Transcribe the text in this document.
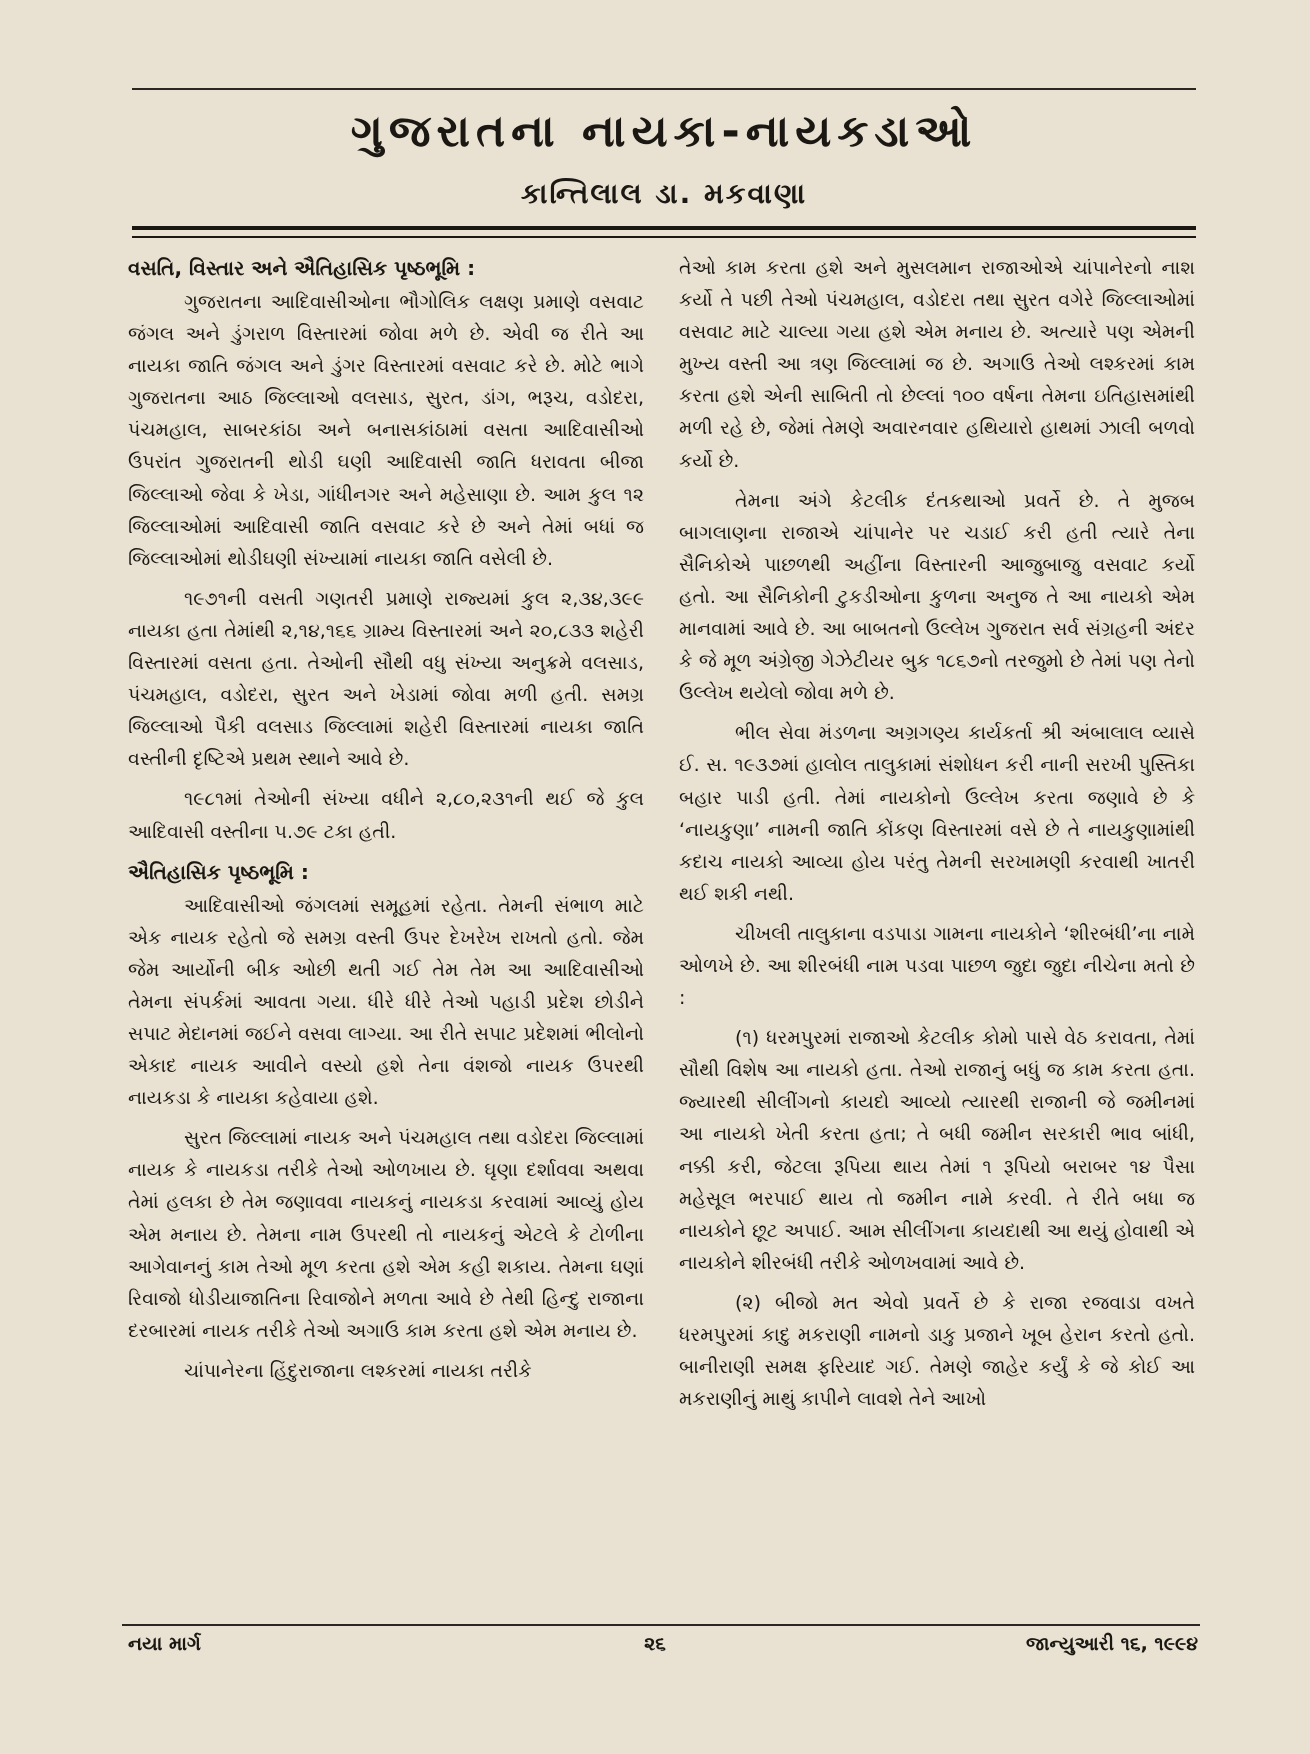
ગુજરાતના નાયકા-નાયકડાઓ
કાન્તિલાલ ડા. મકવાણા
વસતિ, વિસ્તાર અને ઐતિહાસિક પૃષ્ઠભૂમિ :

ગુજરાતના આદિવાસીઓના ભૌગોલિક લક્ષણ પ્રમાણે વસવાટ જંગલ અને ડુંગરાળ વિસ્તારમાં જોવા મળે છે. એવી જ રીતે આ નાયકા જાતિ જંગલ અને ડુંગર વિસ્તારમાં વસવાટ કરે છે. મોટે ભાગે ગુજરાતના આઠ જિલ્લાઓ વલસાડ, સુરત, ડાંગ, ભરૂચ, વડોદરા, પંચમહાલ, સાબરકાંઠા અને બનાસકાંઠામાં વસતા આદિવાસીઓ ઉપરાંત ગુજરાતની થોડી ઘણી આદિવાસી જાતિ ધરાવતા બીજા જિલ્લાઓ જેવા કે ખેડા, ગાંધીનગર અને મહેસાણા છે. આમ કુલ ૧૨ જિલ્લાઓમાં આદિવાસી જાતિ વસવાટ કરે છે અને તેમાં બધાં જ જિલ્લાઓમાં થોડીઘણી સંખ્યામાં નાયકા જાતિ વસેલી છે.

૧૯૭૧ની વસતી ગણતરી પ્રમાણે રાજ્યમાં કુલ ૨,૩૪,૩૯૯ નાયકા હતા તેમાંથી ૨,૧૪,૧૬૬ ગ્રામ્ય વિસ્તારમાં અને ૨૦,૮૩૩ શહેરી વિસ્તારમાં વસતા હતા. તેઓની સૌથી વધુ સંખ્યા અનુક્રમે વલસાડ, પંચમહાલ, વડોદરા, સુરત અને ખેડામાં જોવા મળી હતી. સમગ્ર જિલ્લાઓ પૈકી વલસાડ જિલ્લામાં શહેરી વિસ્તારમાં નાયકા જાતિ વસ્તીની દૃષ્ટિએ પ્રથમ સ્થાને આવે છે.

૧૯૮૧માં તેઓની સંખ્યા વધીને ૨,૮૦,૨૩૧ની થઈ જે કુલ આદિવાસી વસ્તીના ૫.૭૯ ટકા હતી.

ઐતિહાસિક પૃષ્ઠભૂમિ :

આદિવાસીઓ જંગલમાં સમૂહમાં રહેતા. તેમની સંભાળ માટે એક નાયક રહેતો જે સમગ્ર વસ્તી ઉપર દેખરેખ રાખતો હતો. જેમ જેમ આર્યોની બીક ઓછી થતી ગઈ તેમ તેમ આ આદિવાસીઓ તેમના સંપર્કમાં આવતા ગયા. ધીરે ધીરે તેઓ પહાડી પ્રદેશ છોડીને સપાટ મેદાનમાં જઈને વસવા લાગ્યા. આ રીતે સપાટ પ્રદેશમાં ભીલોનો એકાદ નાયક આવીને વસ્યો હશે તેના વંશજો નાયક ઉપરથી નાયકડા કે નાયકા કહેવાયા હશે.

સુરત જિલ્લામાં નાયક અને પંચમહાલ તથા વડોદરા જિલ્લામાં નાયક કે નાયકડા તરીકે તેઓ ઓળખાય છે. ઘૃણા દર્શાવવા અથવા તેમાં હલકા છે તેમ જણાવવા નાયકનું નાયકડા કરવામાં આવ્યું હોય એમ મનાય છે. તેમના નામ ઉપરથી તો નાયકનું એટલે કે ટોળીના આગેવાનનું કામ તેઓ મૂળ કરતા હશે એમ કહી શકાય. તેમના ઘણાં રિવાજો ધોડીયાજાતિના રિવાજોને મળતા આવે છે તેથી હિન્દુ રાજાના દરબારમાં નાયક તરીકે તેઓ અગાઉ કામ કરતા હશે એમ મનાય છે.

ચાંપાનેરના હિંદુરાજાના લશ્કરમાં નાયકા તરીકે

તેઓ કામ કરતા હશે અને મુસલમાન રાજાઓએ ચાંપાનેરનો નાશ કર્યો તે પછી તેઓ પંચમહાલ, વડોદરા તથા સુરત વગેરે જિલ્લાઓમાં વસવાટ માટે ચાલ્યા ગયા હશે એમ મનાય છે. અત્યારે પણ એમની મુખ્ય વસ્તી આ ત્રણ જિલ્લામાં જ છે. અગાઉ તેઓ લશ્કરમાં કામ કરતા હશે એની સાબિતી તો છેલ્લાં ૧૦૦ વર્ષના તેમના ઇતિહાસમાંથી મળી રહે છે, જેમાં તેમણે અવારનવાર હથિયારો હાથમાં ઝાલી બળવો કર્યો છે.

તેમના અંગે કેટલીક દંતકથાઓ પ્રવર્તે છે. તે મુજબ બાગલાણના રાજાએ ચાંપાનેર પર ચડાઈ કરી હતી ત્યારે તેના સૈનિકોએ પાછળથી અહીંના વિસ્તારની આજુબાજુ વસવાટ કર્યો હતો. આ સૈનિકોની ટુકડીઓના કુળના અનુજ તે આ નાયકો એમ માનવામાં આવે છે. આ બાબતનો ઉલ્લેખ ગુજરાત સર્વ સંગ્રહની અંદર કે જે મૂળ અંગ્રેજી ગેઝેટીયર બુક ૧૮૬૭નો તરજુમો છે તેમાં પણ તેનો ઉલ્લેખ થયેલો જોવા મળે છે.

ભીલ સેવા મંડળના અગ્રગણ્ય કાર્યકર્તા શ્રી અંબાલાલ વ્યાસે ઈ. સ. ૧૯૩૭માં હાલોલ તાલુકામાં સંશોધન કરી નાની સરખી પુસ્તિકા બહાર પાડી હતી. તેમાં નાયકોનો ઉલ્લેખ કરતા જણાવે છે કે ‘નાયકુણા’ નામની જાતિ કોંકણ વિસ્તારમાં વસે છે તે નાયકુણામાંથી કદાચ નાયકો આવ્યા હોય પરંતુ તેમની સરખામણી કરવાથી ખાતરી થઈ શકી નથી.

ચીખલી તાલુકાના વડપાડા ગામના નાયકોને ‘શીરબંધી’ના નામે ઓળખે છે. આ શીરબંધી નામ પડવા પાછળ જુદા જુદા નીચેના મતો છે :

(૧) ધરમપુરમાં રાજાઓ કેટલીક કોમો પાસે વેઠ કરાવતા, તેમાં સૌથી વિશેષ આ નાયકો હતા. તેઓ રાજાનું બધું જ કામ કરતા હતા. જ્યારથી સીલીંગનો કાયદો આવ્યો ત્યારથી રાજાની જે જમીનમાં આ નાયકો ખેતી કરતા હતા; તે બધી જમીન સરકારી ભાવ બાંધી, નક્કી કરી, જેટલા રૂપિયા થાય તેમાં ૧ રૂપિયો બરાબર ૧૪ પૈસા મહેસૂલ ભરપાઈ થાય તો જમીન નામે કરવી. તે રીતે બધા જ નાયકોને છૂટ અપાઈ. આમ સીલીંગના કાયદાથી આ થયું હોવાથી એ નાયકોને શીરબંધી તરીકે ઓળખવામાં આવે છે.

(૨) બીજો મત એવો પ્રવર્તે છે કે રાજા રજવાડા વખતે ધરમપુરમાં કાદુ મકરાણી નામનો ડાકુ પ્રજાને ખૂબ હેરાન કરતો હતો. બાનીરાણી સમક્ષ ફરિયાદ ગઈ. તેમણે જાહેર કર્યું કે જે કોઈ આ મકરાણીનું માથું કાપીને લાવશે તેને આખો

નયા માર્ગ	૨૬	જાન્યુઆરી ૧૬, ૧૯૯૪
